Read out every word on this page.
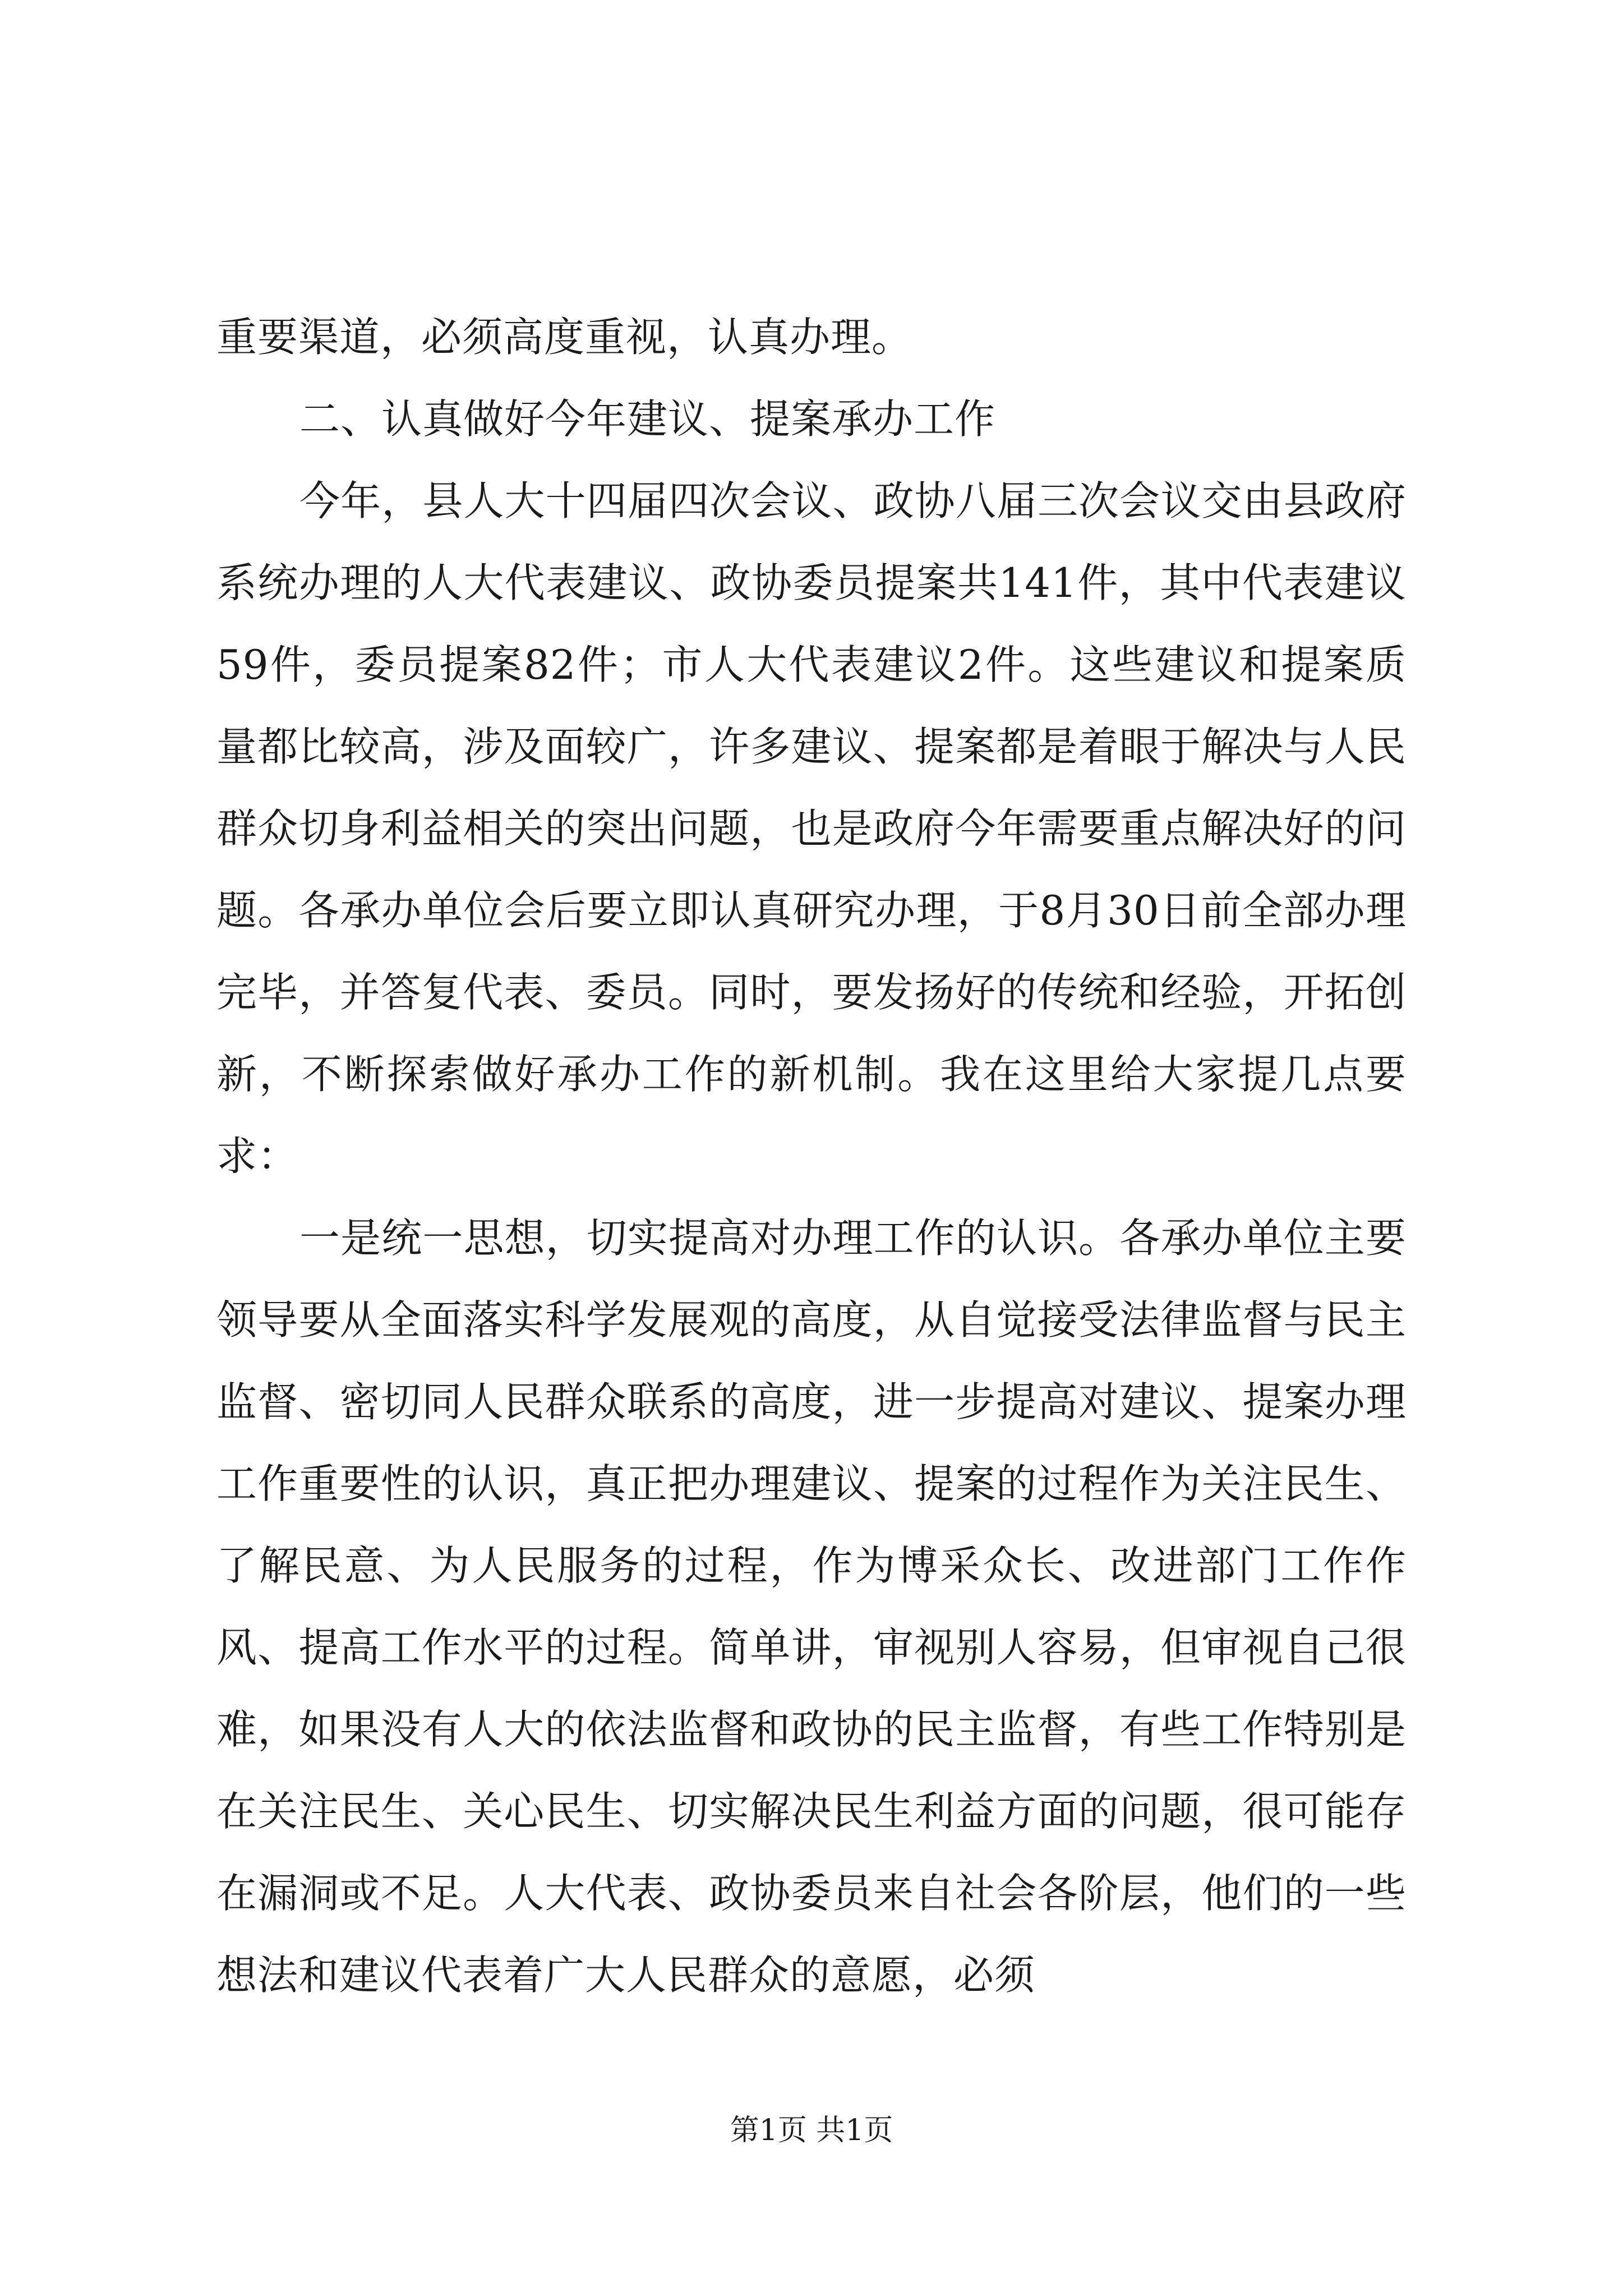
重要渠道，必须高度重视，认真办理。

二、认真做好今年建议、提案承办工作

今年，县人大十四届四次会议、政协八届三次会议交由县政府系统办理的人大代表建议、政协委员提案共141件，其中代表建议59件，委员提案82件；市人大代表建议2件。这些建议和提案质量都比较高，涉及面较广，许多建议、提案都是着眼于解决与人民群众切身利益相关的突出问题，也是政府今年需要重点解决好的问题。各承办单位会后要立即认真研究办理，于8月30日前全部办理完毕，并答复代表、委员。同时，要发扬好的传统和经验，开拓创新，不断探索做好承办工作的新机制。我在这里给大家提几点要求：

一是统一思想，切实提高对办理工作的认识。各承办单位主要领导要从全面落实科学发展观的高度，从自觉接受法律监督与民主监督、密切同人民群众联系的高度，进一步提高对建议、提案办理工作重要性的认识，真正把办理建议、提案的过程作为关注民生、了解民意、为人民服务的过程，作为博采众长、改进部门工作作风、提高工作水平的过程。简单讲，审视别人容易，但审视自己很难，如果没有人大的依法监督和政协的民主监督，有些工作特别是在关注民生、关心民生、切实解决民生利益方面的问题，很可能存在漏洞或不足。人大代表、政协委员来自社会各阶层，他们的一些想法和建议代表着广大人民群众的意愿，必须

第1页 共1页
